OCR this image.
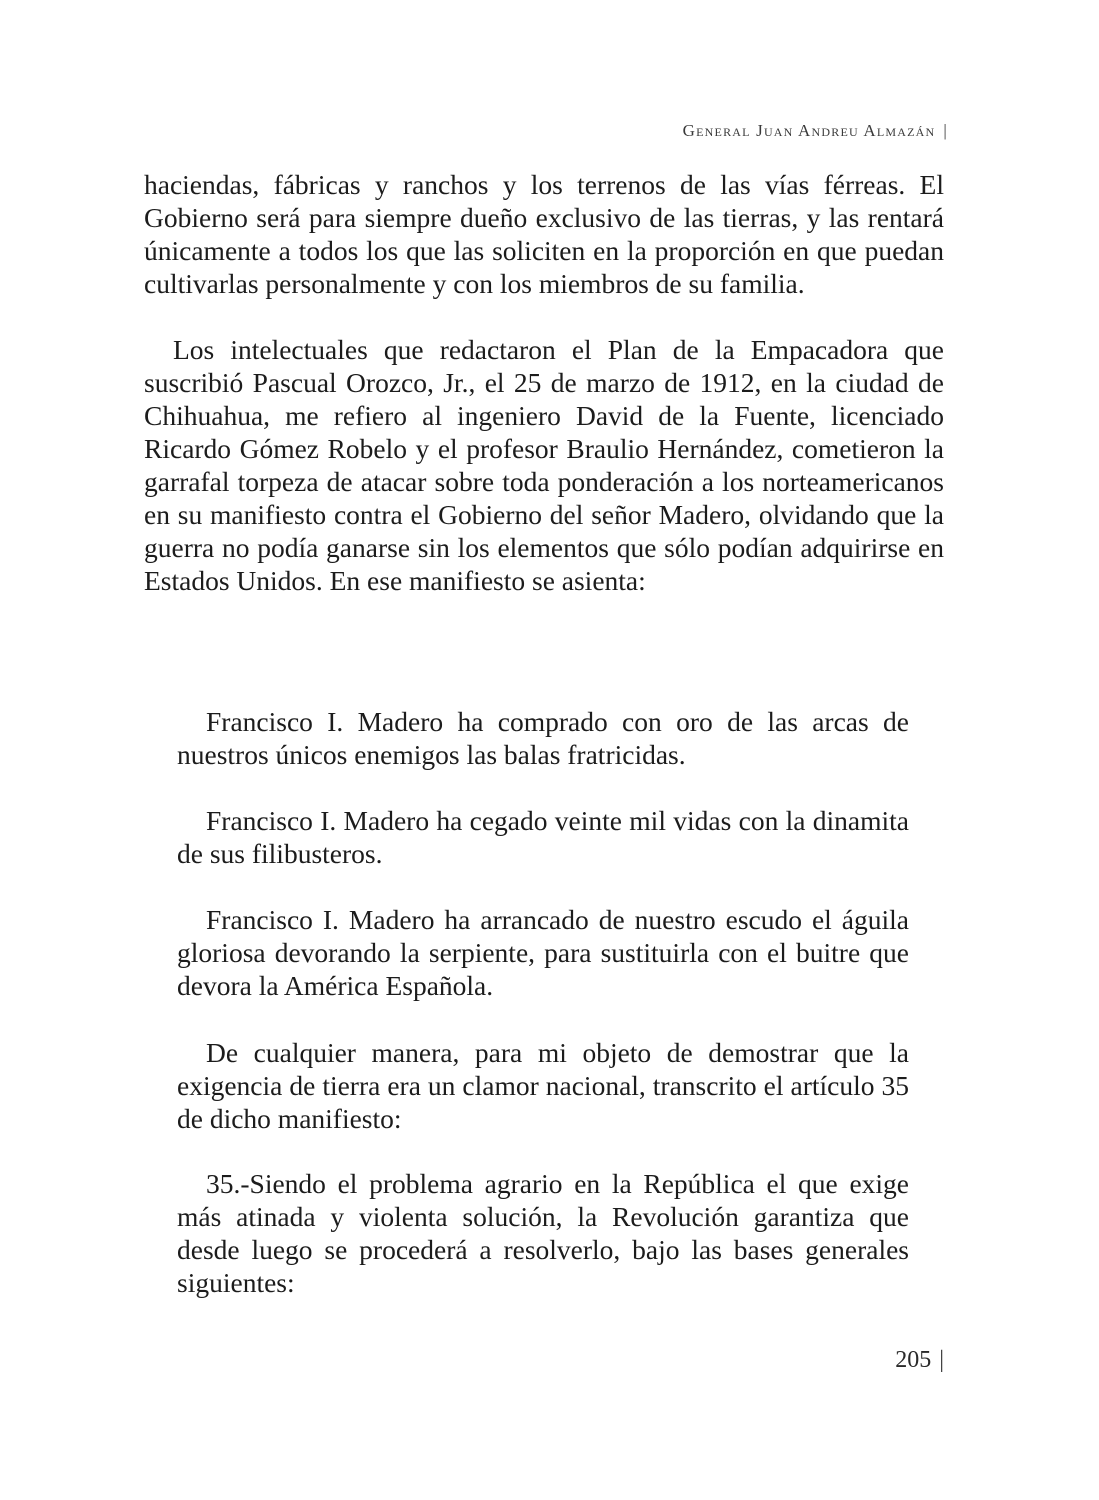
General Juan Andreu Almazán |

haciendas, fábricas y ranchos y los terrenos de las vías férreas. El Gobierno será para siempre dueño exclusivo de las tierras, y las rentará únicamente a todos los que las soliciten en la proporción en que puedan cultivarlas personalmente y con los miembros de su familia.

Los intelectuales que redactaron el Plan de la Empacadora que suscribió Pascual Orozco, Jr., el 25 de marzo de 1912, en la ciudad de Chihuahua, me refiero al ingeniero David de la Fuente, licenciado Ricardo Gómez Robelo y el profesor Braulio Hernández, cometieron la garrafal torpeza de atacar sobre toda ponderación a los norteamericanos en su manifiesto contra el Gobierno del señor Madero, olvidando que la guerra no podía ganarse sin los elementos que sólo podían adquirirse en Estados Unidos. En ese manifiesto se asienta:

Francisco I. Madero ha comprado con oro de las arcas de nuestros únicos enemigos las balas fratricidas.

Francisco I. Madero ha cegado veinte mil vidas con la dinamita de sus filibusteros.

Francisco I. Madero ha arrancado de nuestro escudo el águila gloriosa devorando la serpiente, para sustituirla con el buitre que devora la América Española.

De cualquier manera, para mi objeto de demostrar que la exigencia de tierra era un clamor nacional, transcrito el artículo 35 de dicho manifiesto:

35.-Siendo el problema agrario en la República el que exige más atinada y violenta solución, la Revolución garantiza que desde luego se procederá a resolverlo, bajo las bases generales siguientes:

205 |
